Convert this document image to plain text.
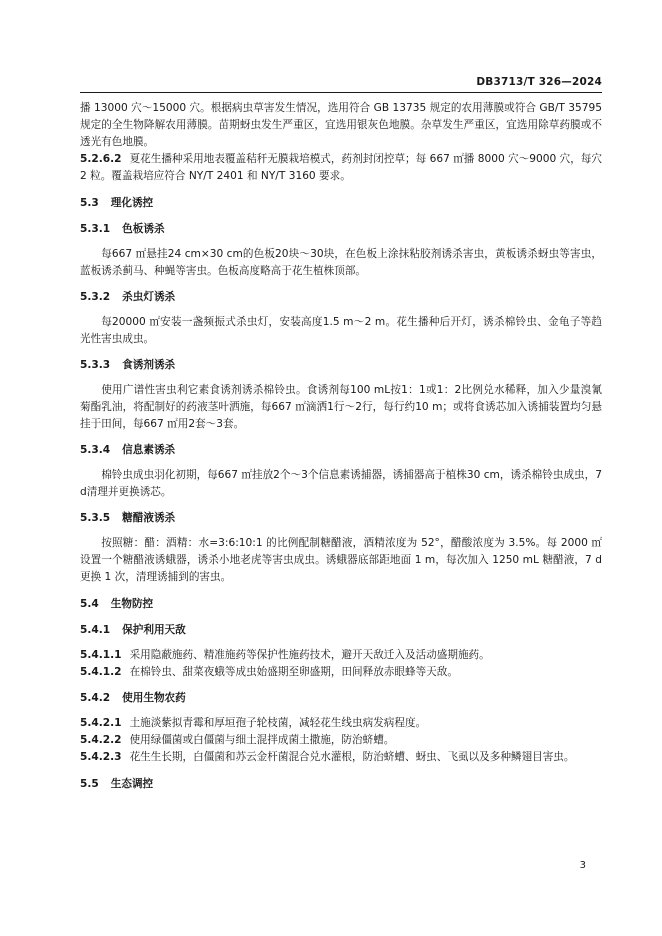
DB3713/T 326—2024

播 13000 穴～15000 穴。根据病虫草害发生情况，选用符合 GB 13735 规定的农用薄膜或符合 GB/T 35795 规定的全生物降解农用薄膜。苗期蚜虫发生严重区，宜选用银灰色地膜。杂草发生严重区，宜选用除草药膜或不透光有色地膜。

5.2.6.2 夏花生播种采用地表覆盖秸秆无膜栽培模式，药剂封闭控草；每 667 ㎡播 8000 穴～9000 穴，每穴 2 粒。覆盖栽培应符合 NY/T 2401 和 NY/T 3160 要求。

5.3 理化诱控

5.3.1 色板诱杀

每667 ㎡悬挂24 cm×30 cm的色板20块～30块，在色板上涂抹粘胶剂诱杀害虫，黄板诱杀蚜虫等害虫，蓝板诱杀蓟马、种蝇等害虫。色板高度略高于花生植株顶部。

5.3.2 杀虫灯诱杀

每20000 ㎡安装一盏频振式杀虫灯，安装高度1.5 m～2 m。花生播种后开灯，诱杀棉铃虫、金龟子等趋光性害虫成虫。

5.3.3 食诱剂诱杀

使用广谱性害虫利它素食诱剂诱杀棉铃虫。食诱剂每100 mL按1：1或1：2比例兑水稀释，加入少量溴氰菊酯乳油，将配制好的药液茎叶洒施，每667 ㎡滴洒1行～2行，每行约10 m；或将食诱芯加入诱捕装置均匀悬挂于田间，每667 ㎡用2套～3套。

5.3.4 信息素诱杀

棉铃虫成虫羽化初期，每667 ㎡挂放2个～3个信息素诱捕器，诱捕器高于植株30 cm，诱杀棉铃虫成虫，7 d清理并更换诱芯。

5.3.5 糖醋液诱杀

按照糖：醋：酒精：水=3:6:10:1 的比例配制糖醋液，酒精浓度为 52°，醋酸浓度为 3.5%。每 2000 ㎡设置一个糖醋液诱蛾器，诱杀小地老虎等害虫成虫。诱蛾器底部距地面 1 m，每次加入 1250 mL 糖醋液，7 d 更换 1 次，清理诱捕到的害虫。

5.4 生物防控

5.4.1 保护利用天敌

5.4.1.1 采用隐蔽施药、精准施药等保护性施药技术，避开天敌迁入及活动盛期施药。

5.4.1.2 在棉铃虫、甜菜夜蛾等成虫始盛期至卵盛期，田间释放赤眼蜂等天敌。

5.4.2 使用生物农药

5.4.2.1 土施淡紫拟青霉和厚垣孢子轮枝菌，减轻花生线虫病发病程度。

5.4.2.2 使用绿僵菌或白僵菌与细土混拌成菌土撒施，防治蛴螬。

5.4.2.3 花生生长期，白僵菌和苏云金杆菌混合兑水灌根，防治蛴螬、蚜虫、飞虱以及多种鳞翅目害虫。

5.5 生态调控

3
